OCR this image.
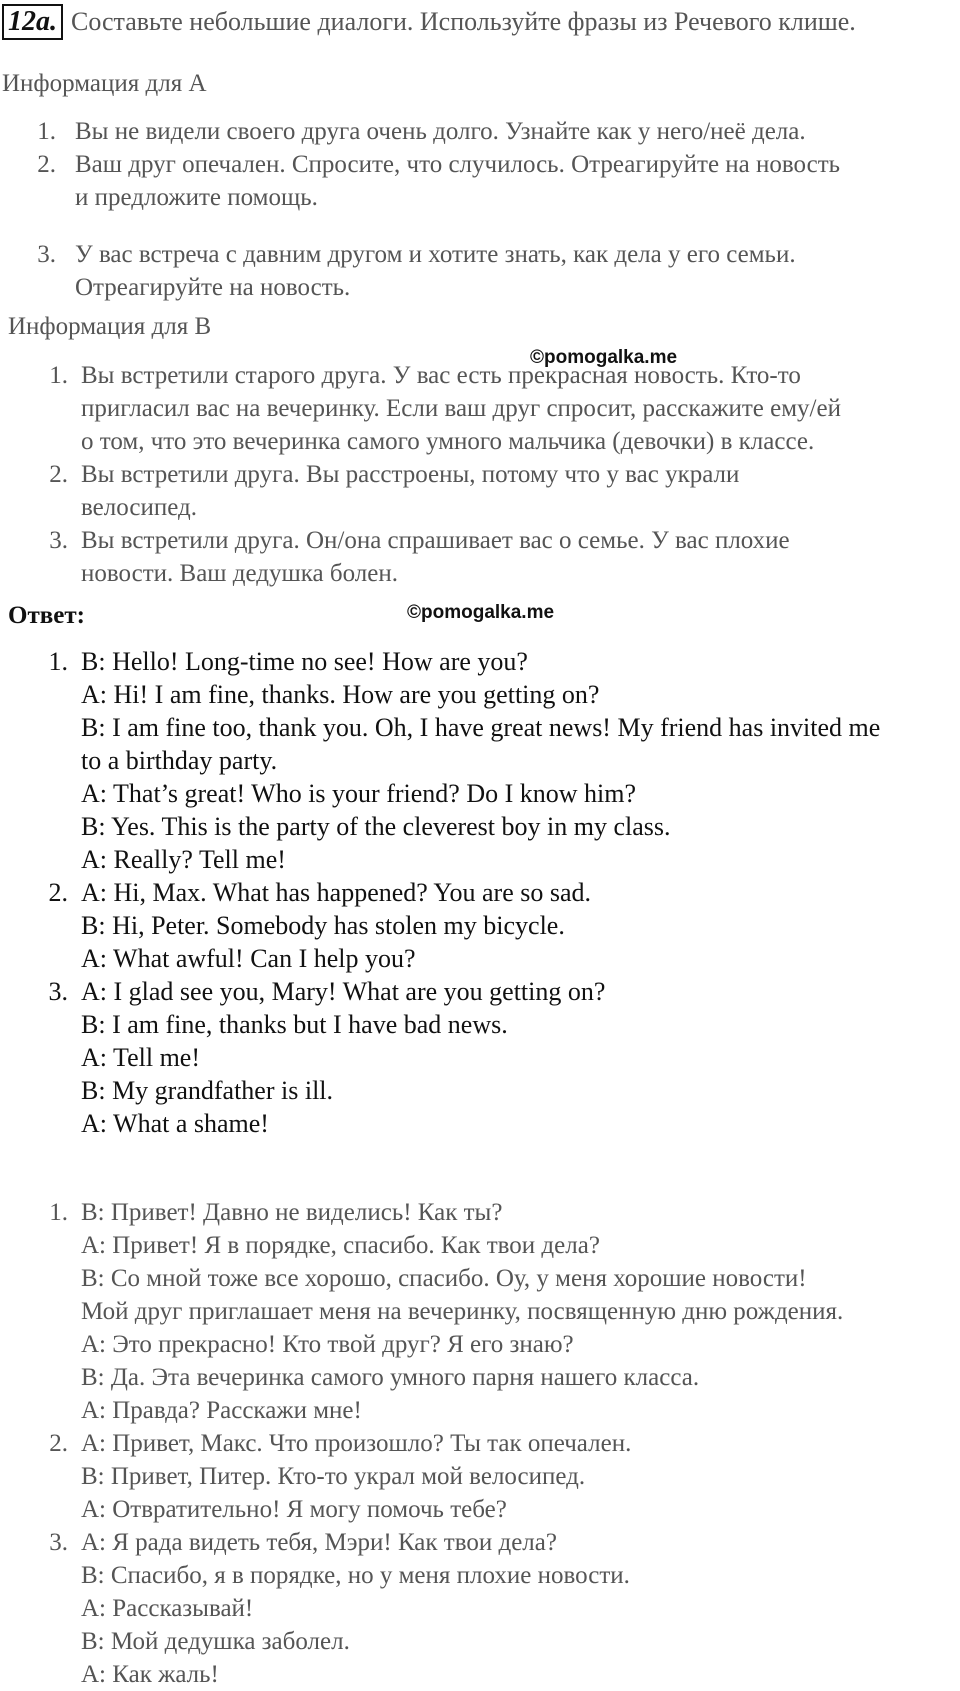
12a. Составьте небольшие диалоги. Используйте фразы из Речевого клише.
Информация для А
1. Вы не видели своего друга очень долго. Узнайте как у него/неё дела.
2. Ваш друг опечален. Спросите, что случилось. Отреагируйте на новость
и предложите помощь.
3. У вас встреча с давним другом и хотите знать, как дела у его семьи.
Отреагируйте на новость.
Информация для В
©pomogalka.me
1. Вы встретили старого друга. У вас есть прекрасная новость. Кто-то
пригласил вас на вечеринку. Если ваш друг спросит, расскажите ему/ей
о том, что это вечеринка самого умного мальчика (девочки) в классе.
2. Вы встретили друга. Вы расстроены, потому что у вас украли
велосипед.
3. Вы встретили друга. Он/она спрашивает вас о семье. У вас плохие
новости. Ваш дедушка болен.
Ответ:	©pomogalka.me
1. B: Hello! Long-time no see! How are you?
A: Hi! I am fine, thanks. How are you getting on?
B: I am fine too, thank you. Oh, I have great news! My friend has invited me
to a birthday party.
A: That’s great! Who is your friend? Do I know him?
B: Yes. This is the party of the cleverest boy in my class.
A: Really? Tell me!
2. A: Hi, Max. What has happened? You are so sad.
B: Hi, Peter. Somebody has stolen my bicycle.
A: What awful! Can I help you?
3. A: I glad see you, Mary! What are you getting on?
B: I am fine, thanks but I have bad news.
A: Tell me!
B: My grandfather is ill.
A: What a shame!
1. В: Привет! Давно не виделись! Как ты?
А: Привет! Я в порядке, спасибо. Как твои дела?
В: Со мной тоже все хорошо, спасибо. Оу, у меня хорошие новости!
Мой друг приглашает меня на вечеринку, посвященную дню рождения.
А: Это прекрасно! Кто твой друг? Я его знаю?
В: Да. Эта вечеринка самого умного парня нашего класса.
А: Правда? Расскажи мне!
2. А: Привет, Макс. Что произошло? Ты так опечален.
В: Привет, Питер. Кто-то украл мой велосипед.
А: Отвратительно! Я могу помочь тебе?
3. А: Я рада видеть тебя, Мэри! Как твои дела?
В: Спасибо, я в порядке, но у меня плохие новости.
А: Рассказывай!
В: Мой дедушка заболел.
А: Как жаль!
